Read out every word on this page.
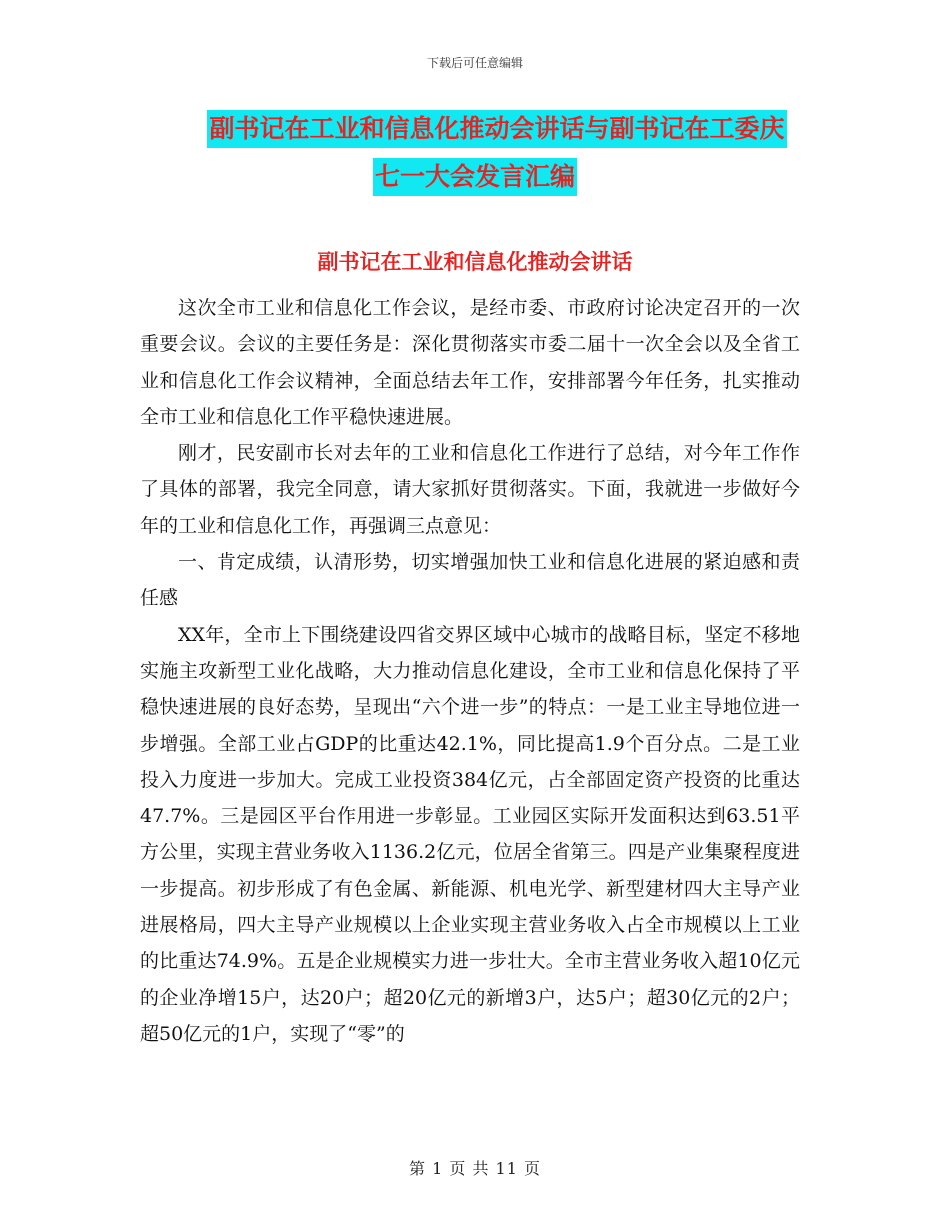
下载后可任意编辑
副书记在工业和信息化推动会讲话与副书记在工委庆
七一大会发言汇编
副书记在工业和信息化推动会讲话

这次全市工业和信息化工作会议，是经市委、市政府讨论决定召开的一次重要会议。会议的主要任务是：深化贯彻落实市委二届十一次全会以及全省工业和信息化工作会议精神，全面总结去年工作，安排部署今年任务，扎实推动全市工业和信息化工作平稳快速进展。

刚才，民安副市长对去年的工业和信息化工作进行了总结，对今年工作作了具体的部署，我完全同意，请大家抓好贯彻落实。下面，我就进一步做好今年的工业和信息化工作，再强调三点意见：

一、肯定成绩，认清形势，切实增强加快工业和信息化进展的紧迫感和责任感

XX年，全市上下围绕建设四省交界区域中心城市的战略目标，坚定不移地实施主攻新型工业化战略，大力推动信息化建设，全市工业和信息化保持了平稳快速进展的良好态势，呈现出“六个进一步”的特点：一是工业主导地位进一步增强。全部工业占GDP的比重达42.1%，同比提高1.9个百分点。二是工业投入力度进一步加大。完成工业投资384亿元，占全部固定资产投资的比重达47.7%。三是园区平台作用进一步彰显。工业园区实际开发面积达到63.51平方公里，实现主营业务收入1136.2亿元，位居全省第三。四是产业集聚程度进一步提高。初步形成了有色金属、新能源、机电光学、新型建材四大主导产业进展格局，四大主导产业规模以上企业实现主营业务收入占全市规模以上工业的比重达74.9%。五是企业规模实力进一步壮大。全市主营业务收入超10亿元的企业净增15户，达20户；超20亿元的新增3户，达5户；超30亿元的2户；超50亿元的1户，实现了“零”的

第 1 页 共 11 页
